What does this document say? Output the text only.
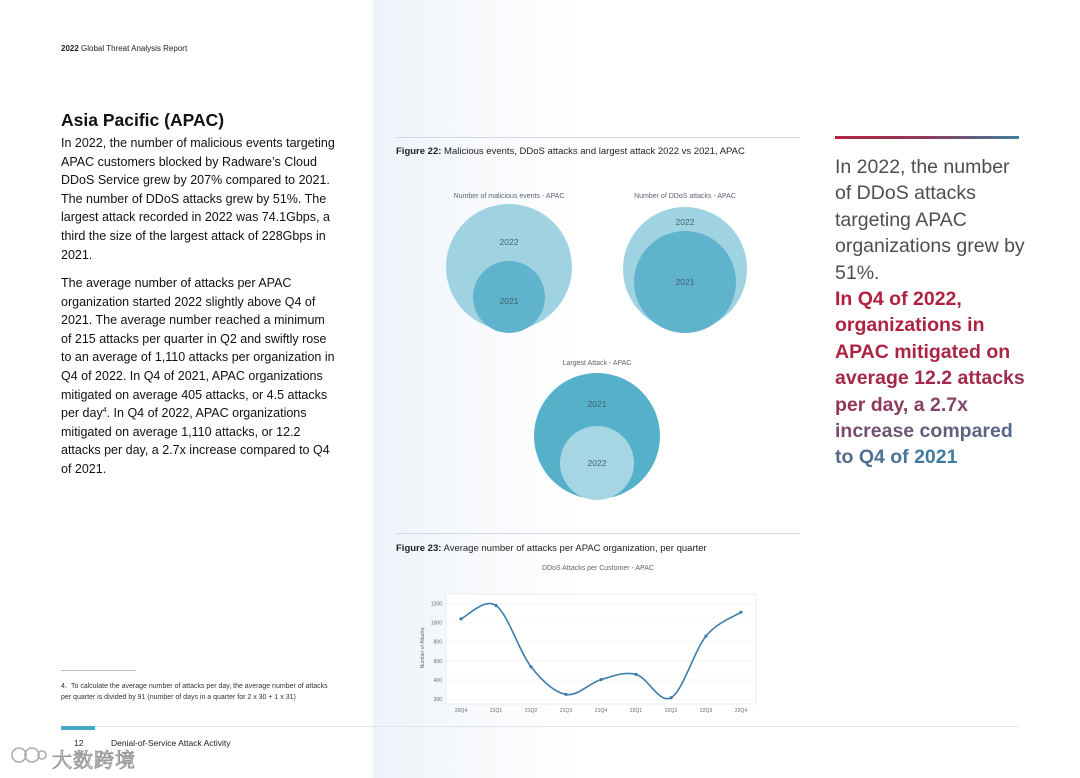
2022 Global Threat Analysis Report
Asia Pacific (APAC)

In 2022, the number of malicious events targeting APAC customers blocked by Radware’s Cloud DDoS Service grew by 207% compared to 2021. The number of DDoS attacks grew by 51%. The largest attack recorded in 2022 was 74.1Gbps, a third the size of the largest attack of 228Gbps in 2021.

The average number of attacks per APAC organization started 2022 slightly above Q4 of 2021. The average number reached a minimum of 215 attacks per quarter in Q2 and swiftly rose to an average of 1,110 attacks per organization in Q4 of 2022. In Q4 of 2021, APAC organizations mitigated on average 405 attacks, or 4.5 attacks per day$^4$. In Q4 of 2022, APAC organizations mitigated on average 1,110 attacks, or 12.2 attacks per day, a 2.7x increase compared to Q4 of 2021.

Figure 22: Malicious events, DDoS attacks and largest attack 2022 vs 2021, APAC
Number of malicious events - APAC
2022
2021
Number of DDoS attacks - APAC
2022
2021
Largest Attack - APAC
2021
2022
Figure 23: Average number of attacks per APAC organization, per quarter
DDoS Attacks per Customer - APAC
Number of Attacks
200
400
600
800
1000
1200
20Q4	21Q1	21Q2	21Q3	21Q4	22Q1	22Q2	22Q3	22Q4
In 2022, the number of DDoS attacks targeting APAC organizations grew by 51%.
In Q4 of 2022, organizations in APAC mitigated on average 12.2 attacks per day, a 2.7x increase compared to Q4 of 2021
4. To calculate the average number of attacks per day, the average number of attacks per quarter is divided by 91 (number of days in a quarter for 2 x 30 + 1 x 31)
12	Denial-of-Service Attack Activity
大数跨境
